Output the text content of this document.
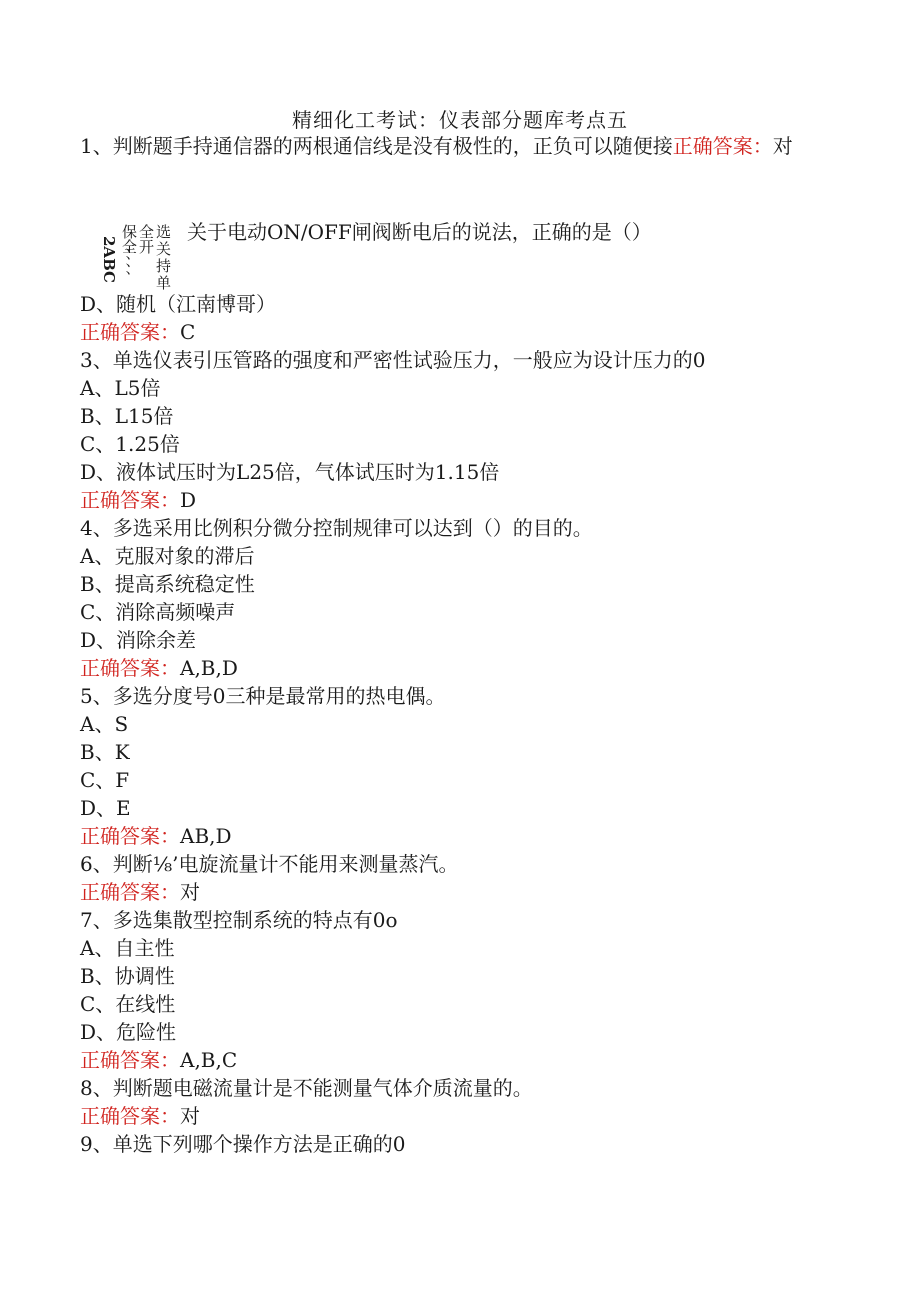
精细化工考试：仪表部分题库考点五
1、判断题手持通信器的两根通信线是没有极性的，正负可以随便接正确答案：对
2ABC
、、、、
保全 全开 选关持单 关于电动ON/OFF闸阀断电后的说法，正确的是（）
D、随机（江南博哥）
正确答案：C
3、单选仪表引压管路的强度和严密性试验压力，一般应为设计压力的0
A、L5倍
B、L15倍
C、1.25倍
D、液体试压时为L25倍，气体试压时为1.15倍
正确答案：D
4、多选采用比例积分微分控制规律可以达到（）的目的。
A、克服对象的滞后
B、提高系统稳定性
C、消除高频噪声
D、消除余差
正确答案：A,B,D
5、多选分度号0三种是最常用的热电偶。
A、S
B、K
C、F
D、E
正确答案：AB,D
6、判断⅛’电旋流量计不能用来测量蒸汽。
正确答案：对
7、多选集散型控制系统的特点有0o
A、自主性
B、协调性
C、在线性
D、危险性
正确答案：A,B,C
8、判断题电磁流量计是不能测量气体介质流量的。
正确答案：对
9、单选下列哪个操作方法是正确的0
